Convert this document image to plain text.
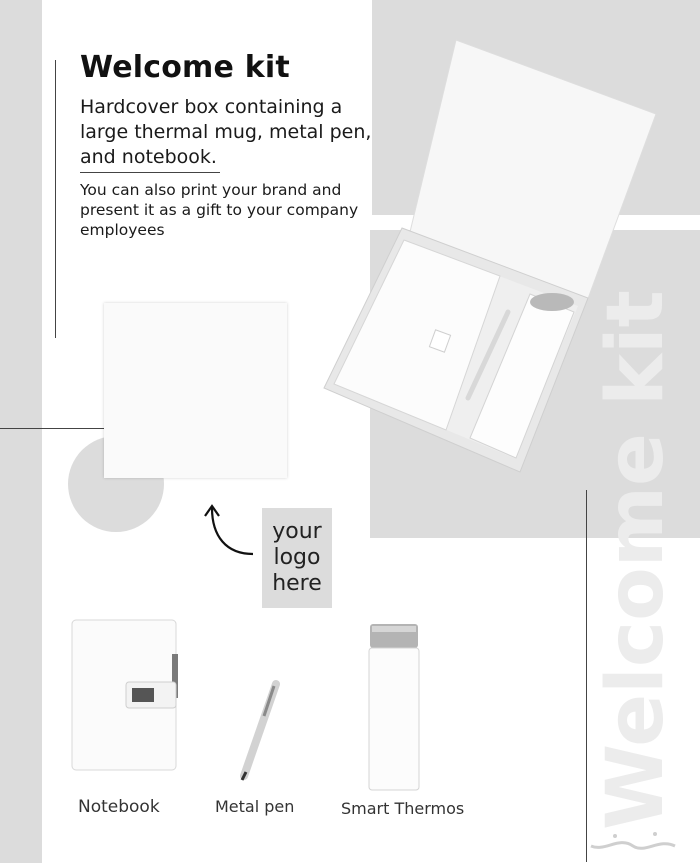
Welcome kit
Hardcover box containing a large thermal mug, metal pen, and notebook.
You can also print your brand and present it as a gift to your company employees
your
logo
here	Welcome kit
Notebook	Metal pen	Smart Thermos
